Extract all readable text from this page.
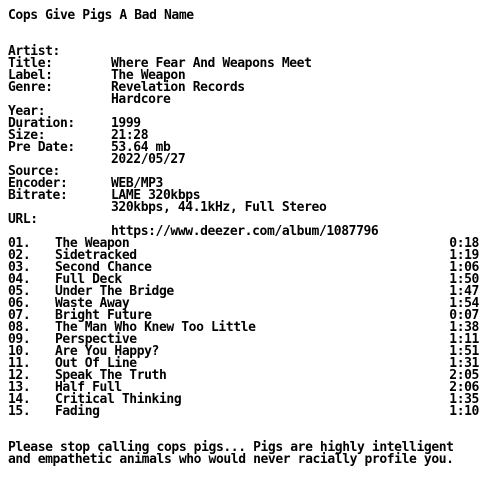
Cops Give Pigs A Bad Name

Artist:

Where Fear And Weapons Meet

Title:

The Weapon

Label:

Revelation Records

Genre:

Hardcore

Year:

1999

Duration:

21:28

Size:

53.64 mb

Pre Date:

2022/05/27

Source:

WEB/MP3

Encoder:

LAME 320kbps

Bitrate:

320kbps, 44.1kHz, Full Stereo

URL:

https://www.deezer.com/album/1087796

01. The Weapon	0:18
02. Sidetracked	1:19
03. Second Chance	1:06
04. Full Deck	1:50
05. Under The Bridge	1:47
06. Waste Away	1:54
07. Bright Future	0:07
08. The Man Who Knew Too Little	1:38
09. Perspective	1:11
10. Are You Happy?	1:51
11. Out Of Line	1:31
12. Speak The Truth	2:05
13. Half Full	2:06
14. Critical Thinking	1:35
15. Fading	1:10
Please stop calling cops pigs... Pigs are highly intelligent
and empathetic animals who would never racially profile you.
